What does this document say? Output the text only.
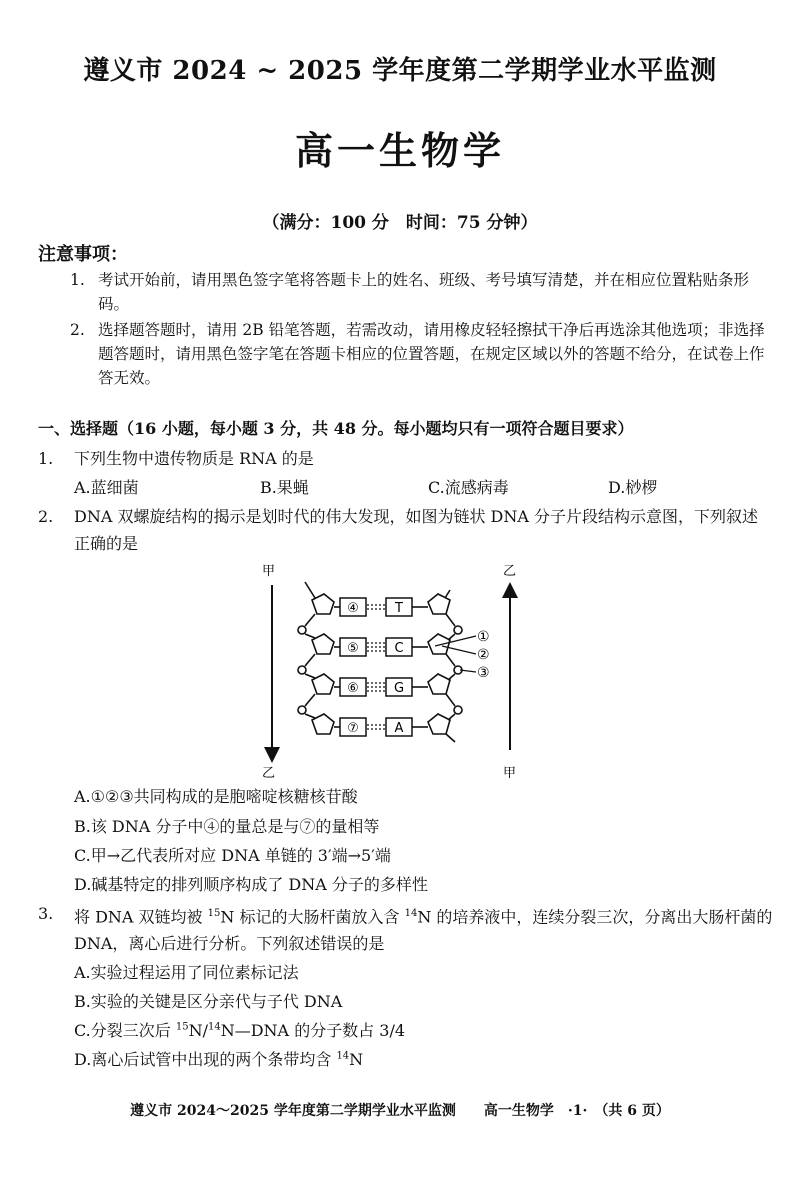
遵义市 2024 ~ 2025 学年度第二学期学业水平监测
高一生物学
（满分：100 分　时间：75 分钟）
注意事项：
1. 考试开始前，请用黑色签字笔将答题卡上的姓名、班级、考号填写清楚，并在相应位置粘贴条形码。
2. 选择题答题时，请用 2B 铅笔答题，若需改动，请用橡皮轻轻擦拭干净后再选涂其他选项；非选择题答题时，请用黑色签字笔在答题卡相应的位置答题，在规定区域以外的答题不给分，在试卷上作答无效。
一、选择题（16 小题，每小题 3 分，共 48 分。每小题均只有一项符合题目要求）
1. 下列生物中遗传物质是 RNA 的是
A.蓝细菌	B.果蝇	C.流感病毒	D.桫椤
2. DNA 双螺旋结构的揭示是划时代的伟大发现，如图为链状 DNA 分子片段结构示意图，下列叙述正确的是
甲
乙
乙
甲
④	T
⑤	C
⑥	G
⑦	A
①
②
③
A.①②③共同构成的是胞嘧啶核糖核苷酸
B.该 DNA 分子中④的量总是与⑦的量相等
C.甲→乙代表所对应 DNA 单链的 3′端→5′端
D.碱基特定的排列顺序构成了 DNA 分子的多样性
3. 将 DNA 双链均被 $^{15}$N 标记的大肠杆菌放入含 $^{14}$N 的培养液中，连续分裂三次，分离出大肠杆菌的 DNA，离心后进行分析。下列叙述错误的是
A.实验过程运用了同位素标记法
B.实验的关键是区分亲代与子代 DNA
C.分裂三次后 $^{15}$N/$^{14}$N—DNA 的分子数占 3/4
D.离心后试管中出现的两个条带均含 $^{14}$N
遵义市 2024～2025 学年度第二学期学业水平监测　　高一生物学　·1·　（共 6 页）
